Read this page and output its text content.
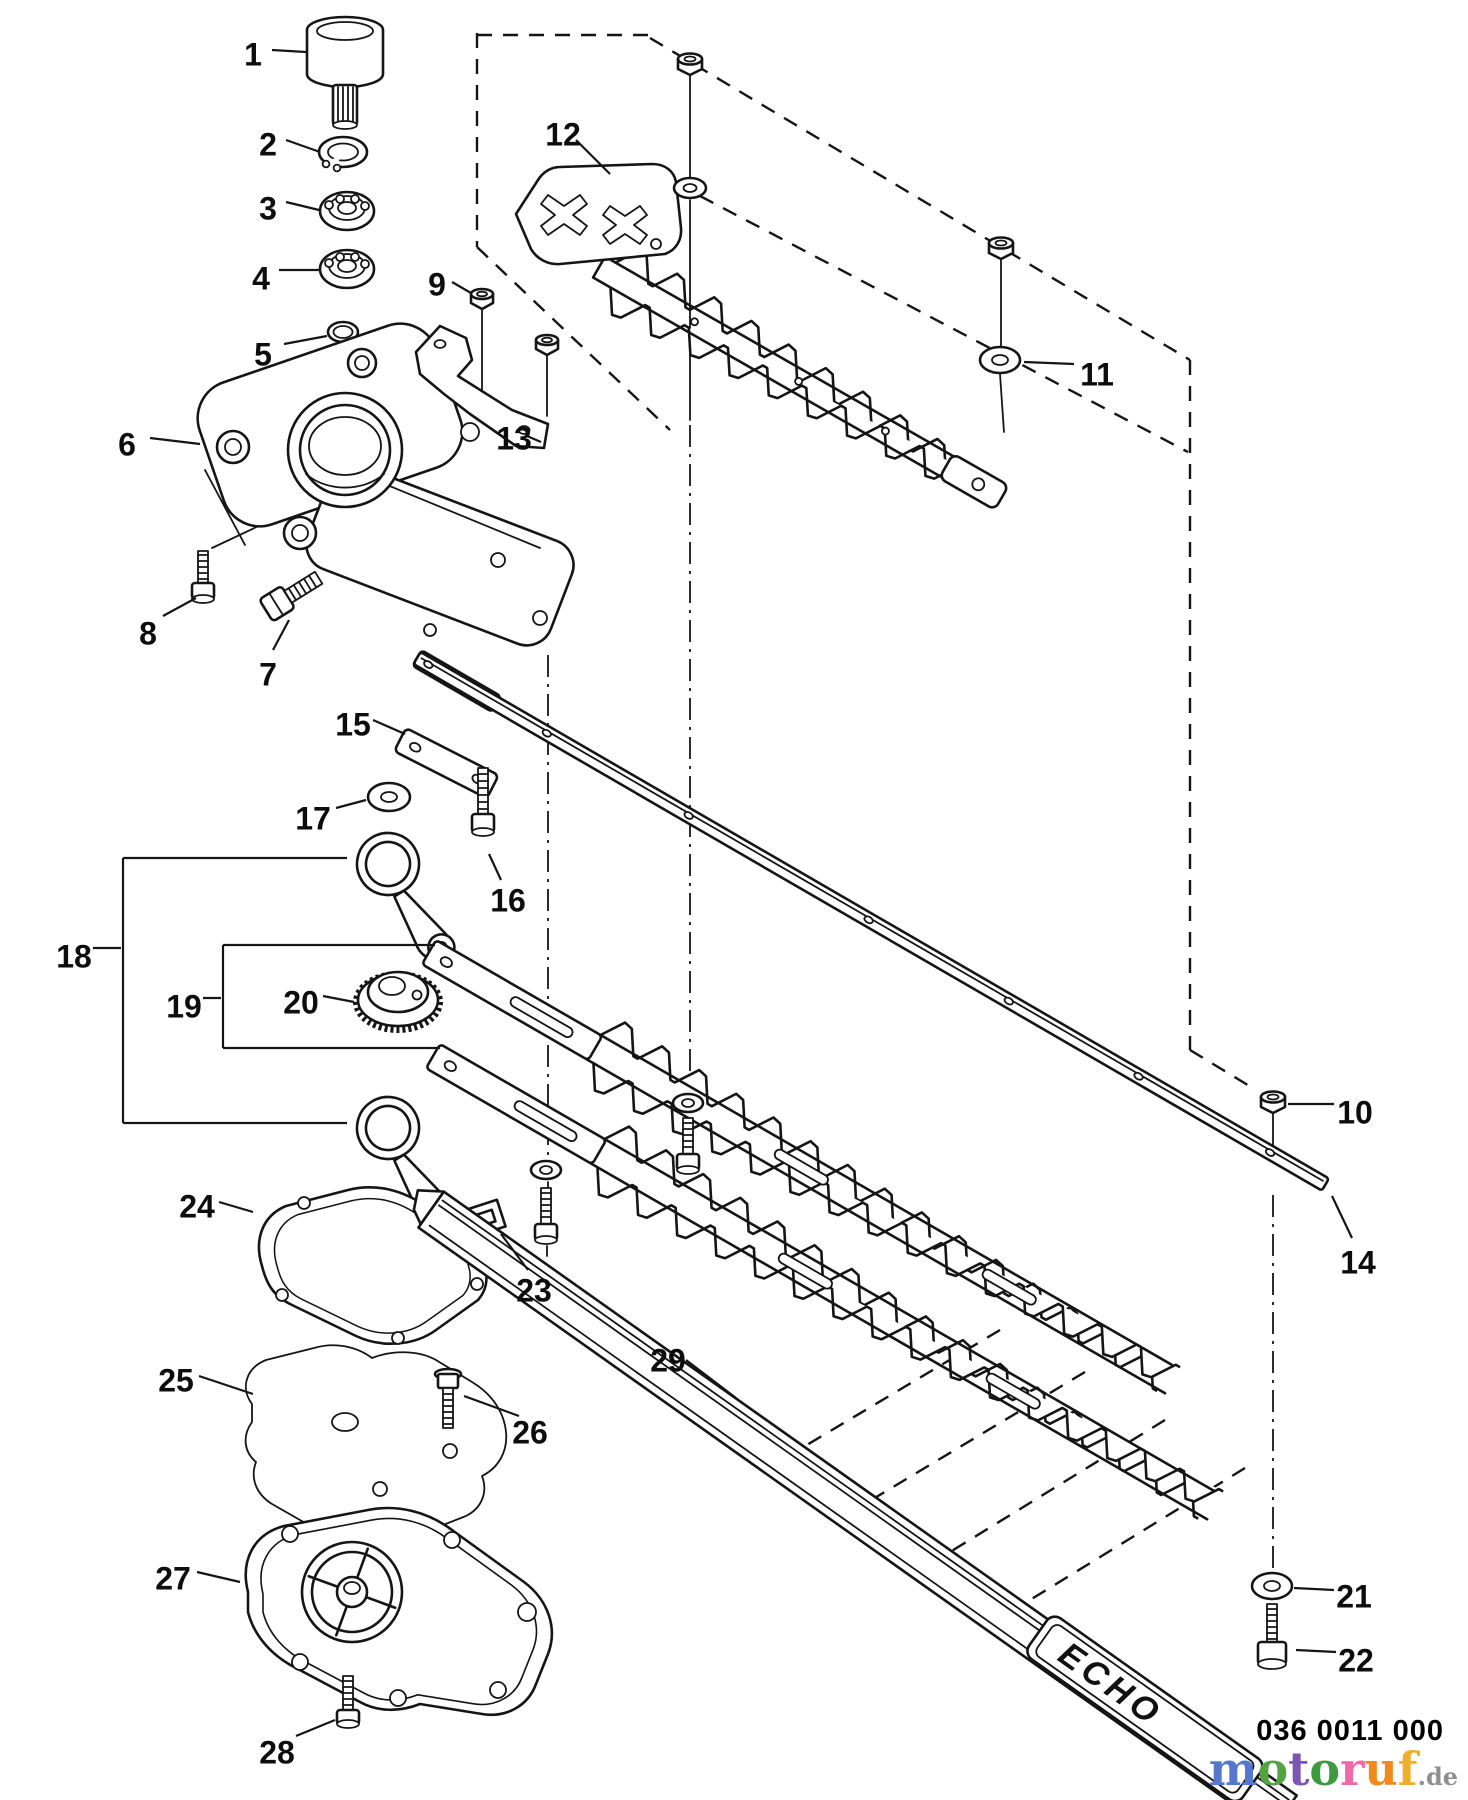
ECHO
1
2
3
4
5
6
7
8
9
10
11
12
13
14
15
16
17
18
19	20
21
22
23
24
25
26
27
28
29
036 0011 000
motoruf.de
